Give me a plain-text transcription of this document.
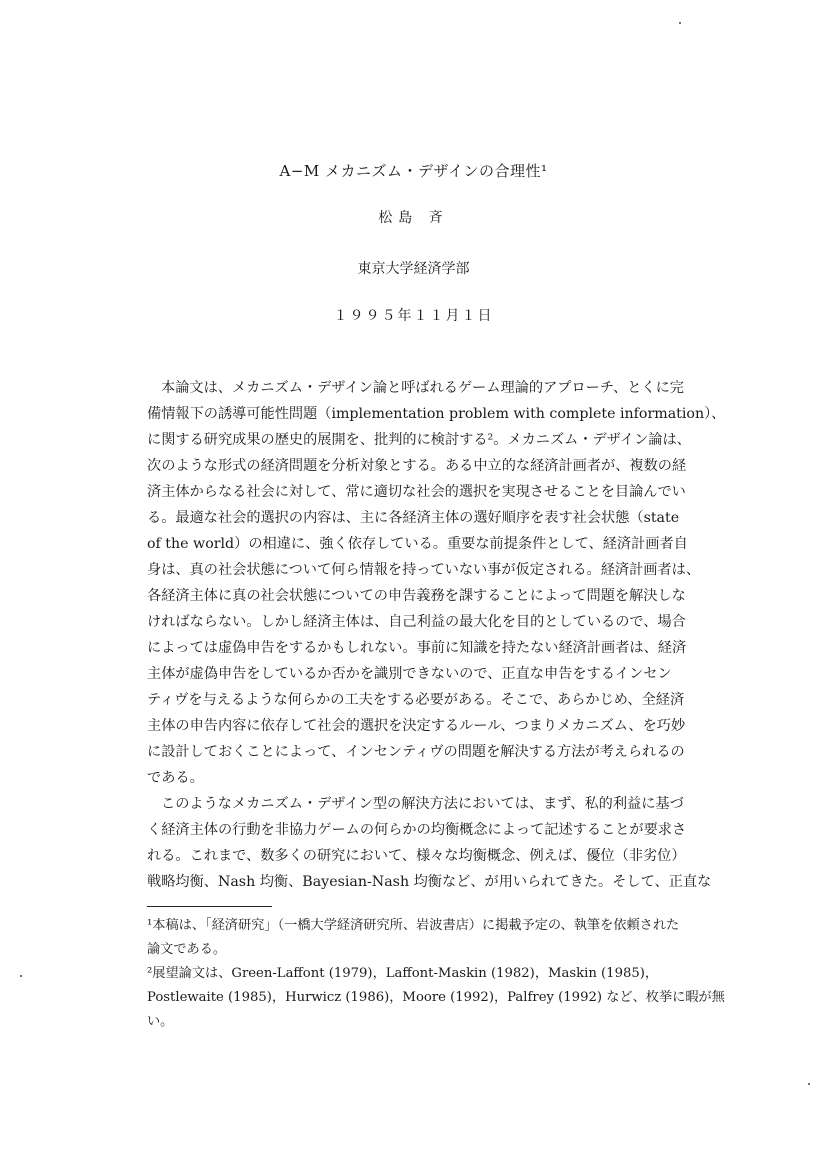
A−M メカニズム・デザインの合理性¹
松島 斉
東京大学経済学部
１９９５年１１月１日
本論文は、メカニズム・デザイン論と呼ばれるゲーム理論的アプローチ、とくに完
備情報下の誘導可能性問題（implementation problem with complete information）、
に関する研究成果の歴史的展開を、批判的に検討する²。メカニズム・デザイン論は、
次のような形式の経済問題を分析対象とする。ある中立的な経済計画者が、複数の経
済主体からなる社会に対して、常に適切な社会的選択を実現させることを目論んでい
る。最適な社会的選択の内容は、主に各経済主体の選好順序を表す社会状態（state
of the world）の相違に、強く依存している。重要な前提条件として、経済計画者自
身は、真の社会状態について何ら情報を持っていない事が仮定される。経済計画者は、
各経済主体に真の社会状態についての申告義務を課することによって問題を解決しな
ければならない。しかし経済主体は、自己利益の最大化を目的としているので、場合
によっては虚偽申告をするかもしれない。事前に知識を持たない経済計画者は、経済
主体が虚偽申告をしているか否かを識別できないので、正直な申告をするインセン
ティヴを与えるような何らかの工夫をする必要がある。そこで、あらかじめ、全経済
主体の申告内容に依存して社会的選択を決定するルール、つまりメカニズム、を巧妙
に設計しておくことによって、インセンティヴの問題を解決する方法が考えられるの
である。
このようなメカニズム・デザイン型の解決方法においては、まず、私的利益に基づ
く経済主体の行動を非協力ゲームの何らかの均衡概念によって記述することが要求さ
れる。これまで、数多くの研究において、様々な均衡概念、例えば、優位（非劣位）
戦略均衡、Nash 均衡、Bayesian-Nash 均衡など、が用いられてきた。そして、正直な
¹本稿は、「経済研究」（一橋大学経済研究所、岩波書店）に掲載予定の、執筆を依頼された
論文である。
²展望論文は、Green-Laffont (1979)，Laffont-Maskin (1982)，Maskin (1985)，
Postlewaite (1985)，Hurwicz (1986)，Moore (1992)，Palfrey (1992) など、枚挙に暇が無
い。
